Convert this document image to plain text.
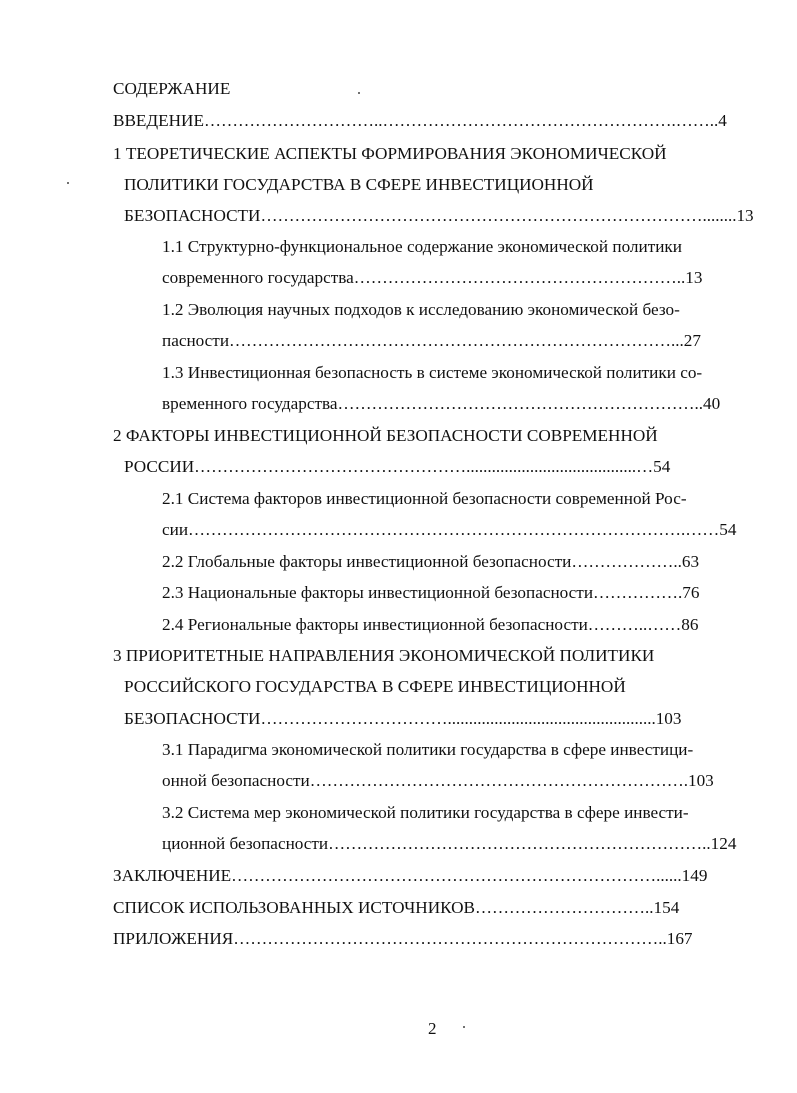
СОДЕРЖАНИЕ
ВВЕДЕНИЕ…………………………..…………………………………………….……..4
1 ТЕОРЕТИЧЕСКИЕ АСПЕКТЫ ФОРМИРОВАНИЯ ЭКОНОМИЧЕСКОЙ
ПОЛИТИКИ ГОСУДАРСТВА В СФЕРЕ ИНВЕСТИЦИОННОЙ
БЕЗОПАСНОСТИ……………………………………………………………………........13
1.1 Структурно-функциональное содержание экономической политики
современного государства…………………………………………………..13
1.2 Эволюция научных подходов к исследованию экономической безо-
пасности……………………………………………………………………...27
1.3 Инвестиционная безопасность в системе экономической политики со-
временного государства………………………………………………………..40
2 ФАКТОРЫ ИНВЕСТИЦИОННОЙ БЕЗОПАСНОСТИ СОВРЕМЕННОЙ
РОССИИ…………………………………………........................................…54
2.1 Система факторов инвестиционной безопасности современной Рос-
сии…………………………………………………………………………….……54
2.2 Глобальные факторы инвестиционной безопасности………………..63
2.3 Национальные факторы инвестиционной безопасности…………….76
2.4 Региональные факторы инвестиционной безопасности………..……86
3 ПРИОРИТЕТНЫЕ НАПРАВЛЕНИЯ ЭКОНОМИЧЕСКОЙ ПОЛИТИКИ
РОССИЙСКОГО ГОСУДАРСТВА В СФЕРЕ ИНВЕСТИЦИОННОЙ
БЕЗОПАСНОСТИ…………………………….................................................103
3.1 Парадигма экономической политики государства в сфере инвестици-
онной безопасности………………………………………………………….103
3.2 Система мер экономической политики государства в сфере инвести-
ционной безопасности…………………………………………………………..124
ЗАКЛЮЧЕНИЕ…………………………………………………………………......149
СПИСОК ИСПОЛЬЗОВАННЫХ ИСТОЧНИКОВ…………………………..154
ПРИЛОЖЕНИЯ…………………………………………………………………..167
2
